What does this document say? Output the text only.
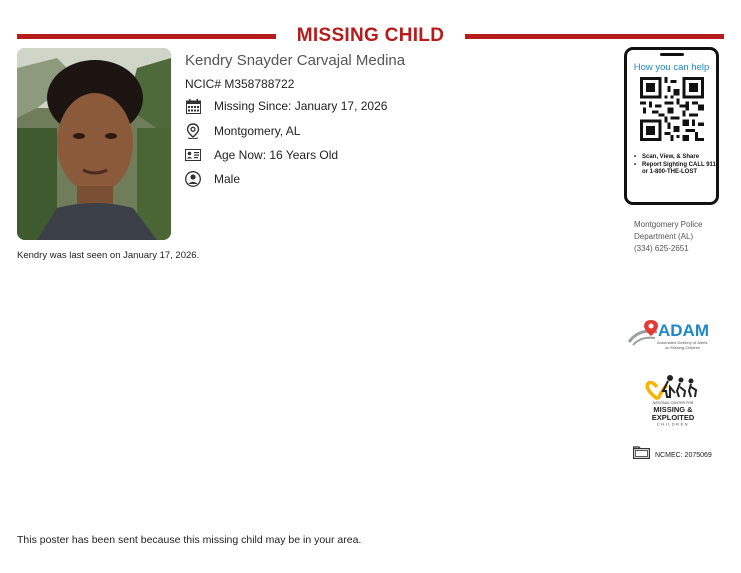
MISSING CHILD
Kendry Snayder Carvajal Medina
NCIC# M358788722
Missing Since: January 17, 2026
Montgomery, AL
Age Now: 16 Years Old
Male
Kendry was last seen on January 17, 2026.
How you can help
• Scan, View, & Share
• Report Sighting CALL 911 or 1-800-THE-LOST
Montgomery Police
Department (AL)
(334) 625-2651
ADAM
Automated Delivery of Alerts
on Missing Children
NATIONAL CENTER FOR
MISSING &
EXPLOITED
CHILDREN
NCMEC: 2075069
This poster has been sent because this missing child may be in your area.
